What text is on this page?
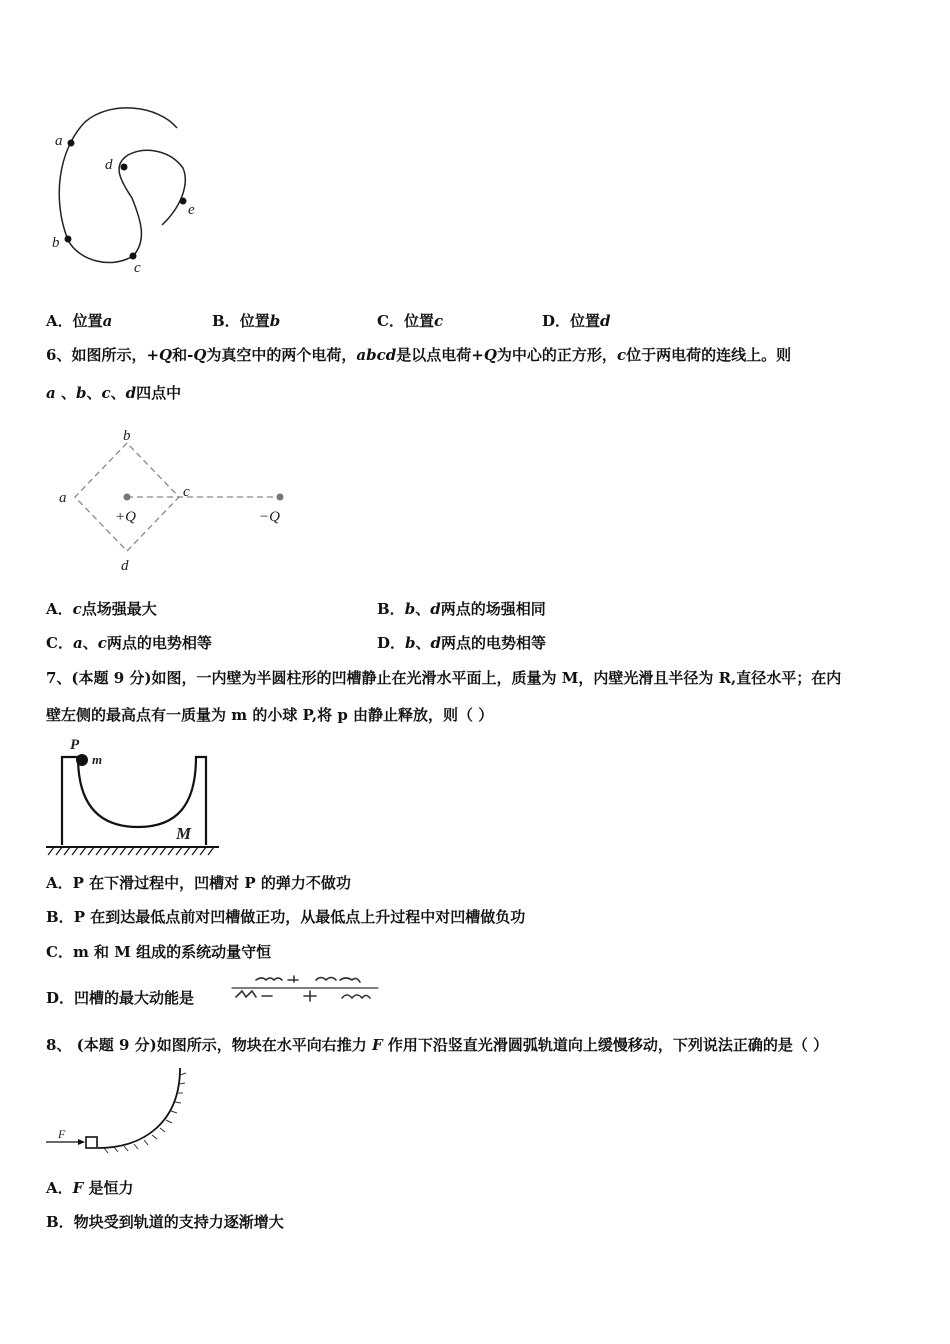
a
b
c
d
e
A．位置a	B．位置b	C．位置c	D．位置d
6、如图所示，+Q和-Q为真空中的两个电荷，abcd是以点电荷+Q为中心的正方形，c位于两电荷的连线上。则
a 、b、c、d四点中
b
a	c
d
+Q	−Q
A．c点场强最大	B．b、d两点的场强相同
C．a、c两点的电势相等	D．b、d两点的电势相等
7、(本题 9 分)如图，一内壁为半圆柱形的凹槽静止在光滑水平面上，质量为 M，内壁光滑且半径为 R,直径水平；在内
壁左侧的最高点有一质量为 m 的小球 P,将 p 由静止释放，则（ ）
P
m
M
A．P 在下滑过程中，凹槽对 P 的弹力不做功
B．P 在到达最低点前对凹槽做正功，从最低点上升过程中对凹槽做负功
C．m 和 M 组成的系统动量守恒
D．凹槽的最大动能是
8、 (本题 9 分)如图所示，物块在水平向右推力 F 作用下沿竖直光滑圆弧轨道向上缓慢移动，下列说法正确的是（ ）
F
A．F 是恒力
B．物块受到轨道的支持力逐渐增大
